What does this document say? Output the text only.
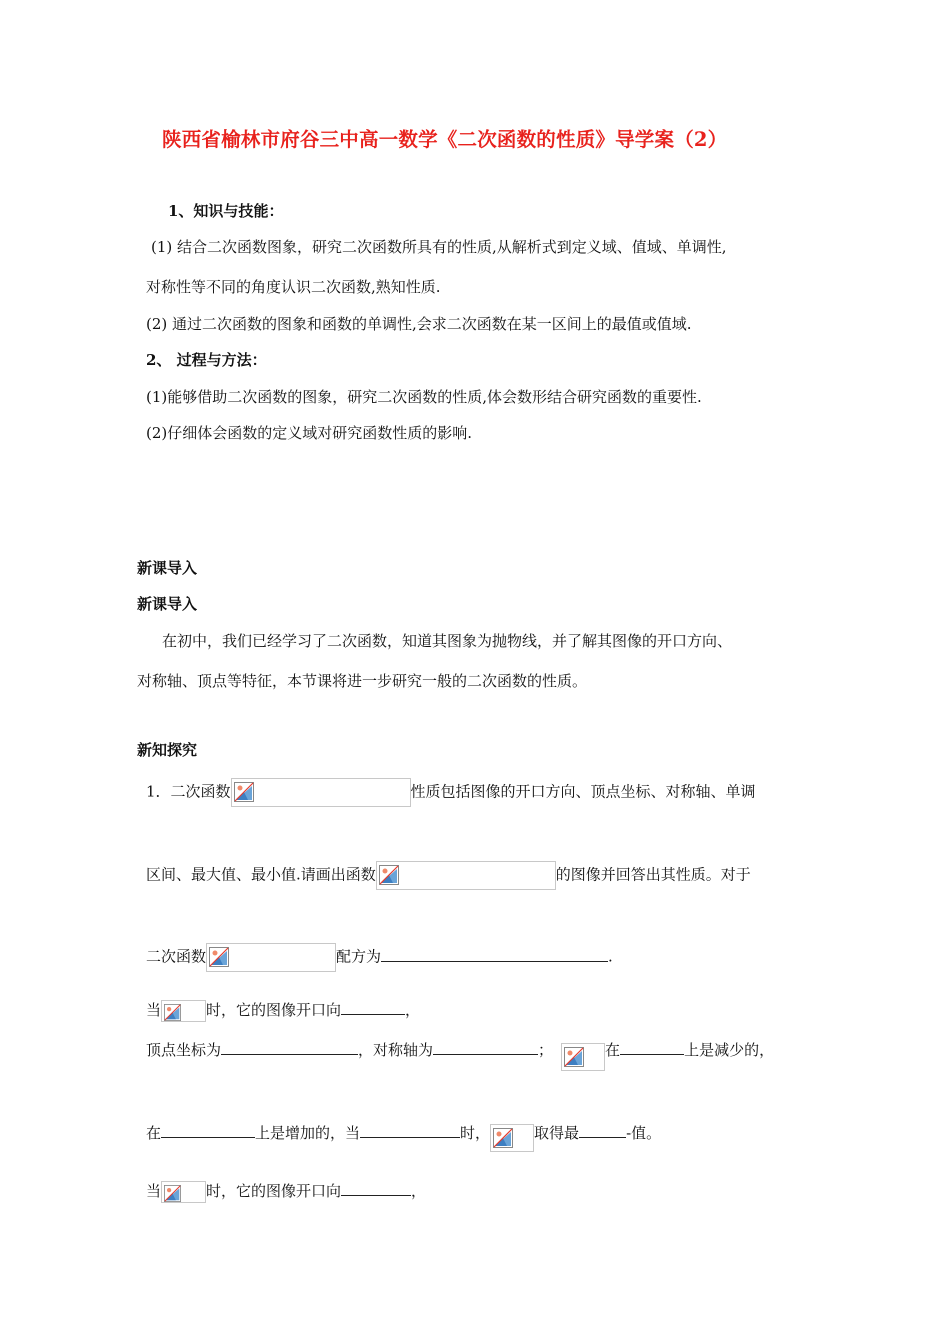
陕西省榆林市府谷三中高一数学《二次函数的性质》导学案（2）
1、知识与技能：
(1) 结合二次函数图象，研究二次函数所具有的性质,从解析式到定义域、值域、单调性,
对称性等不同的角度认识二次函数,熟知性质.
(2) 通过二次函数的图象和函数的单调性,会求二次函数在某一区间上的最值或值域.
2、 过程与方法：
(1)能够借助二次函数的图象，研究二次函数的性质,体会数形结合研究函数的重要性.
(2)仔细体会函数的定义域对研究函数性质的影响.
新课导入
新课导入
在初中，我们已经学习了二次函数，知道其图象为抛物线，并了解其图像的开口方向、
对称轴、顶点等特征，本节课将进一步研究一般的二次函数的性质。
新知探究
1．二次函数	性质包括图像的开口方向、顶点坐标、对称轴、单调
区间、最大值、最小值.请画出函数	的图像并回答出其性质。对于
二次函数	配方为	.
当	时，它的图像开口向	，
顶点坐标为	，对称轴为	；	在	上是减少的，
在	上是增加的，当	时，	取得最	-值。
当	时，它的图像开口向	，
